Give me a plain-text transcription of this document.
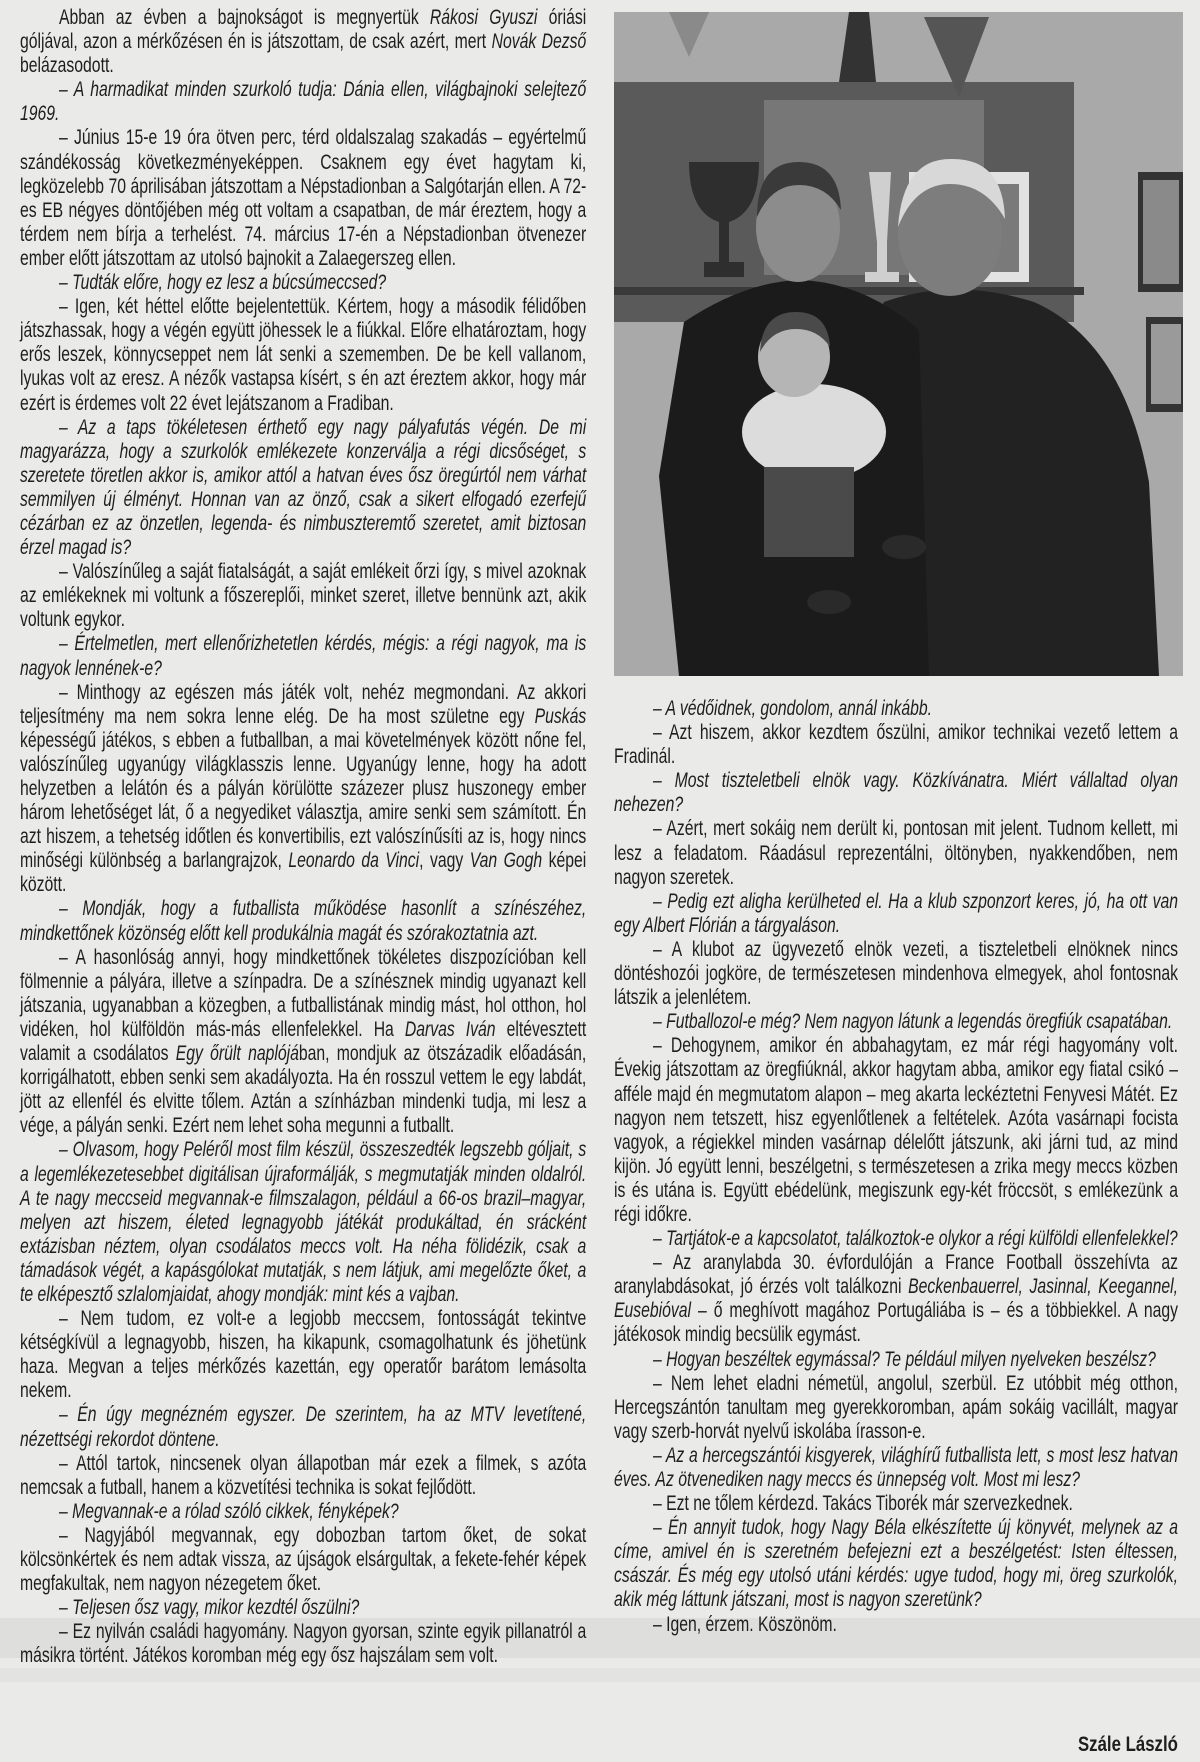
Abban az évben a bajnokságot is megnyertük Rákosi Gyuszi óriási góljával, azon a mérkőzésen én is játszottam, de csak azért, mert Novák Dezső belázasodott.

– A harmadikat minden szurkoló tudja: Dánia ellen, világbajnoki selejtező 1969.

– Június 15-e 19 óra ötven perc, térd oldalszalag szakadás – egyértelmű szándékosság következményeképpen. Csaknem egy évet hagytam ki, legközelebb 70 áprilisában játszottam a Népstadionban a Salgótarján ellen. A 72-es EB négyes döntőjében még ott voltam a csapatban, de már éreztem, hogy a térdem nem bírja a terhelést. 74. március 17-én a Népstadionban ötvenezer ember előtt játszottam az utolsó bajnokit a Zalaegerszeg ellen.

– Tudták előre, hogy ez lesz a búcsúmeccsed?

– Igen, két héttel előtte bejelentettük. Kértem, hogy a második félidőben játszhassak, hogy a végén együtt jöhessek le a fiúkkal. Előre elhatároztam, hogy erős leszek, könnycseppet nem lát senki a szememben. De be kell vallanom, lyukas volt az eresz. A nézők vastapsa kísért, s én azt éreztem akkor, hogy már ezért is érdemes volt 22 évet lejátszanom a Fradiban.

– Az a taps tökéletesen érthető egy nagy pályafutás végén. De mi magyarázza, hogy a szurkolók emlékezete konzerválja a régi dicsőséget, s szeretete töretlen akkor is, amikor attól a hatvan éves ősz öregúrtól nem várhat semmilyen új élményt. Honnan van az önző, csak a sikert elfogadó ezerfejű cézárban ez az önzetlen, legenda- és nimbuszteremtő szeretet, amit biztosan érzel magad is?

– Valószínűleg a saját fiatalságát, a saját emlékeit őrzi így, s mivel azoknak az emlékeknek mi voltunk a főszereplői, minket szeret, illetve bennünk azt, akik voltunk egykor.

– Értelmetlen, mert ellenőrizhetetlen kérdés, mégis: a régi nagyok, ma is nagyok lennének-e?

– Minthogy az egészen más játék volt, nehéz megmondani. Az akkori teljesítmény ma nem sokra lenne elég. De ha most születne egy Puskás képességű játékos, s ebben a futballban, a mai követelmények között nőne fel, valószínűleg ugyanúgy világklasszis lenne. Ugyanúgy lenne, hogy ha adott helyzetben a lelátón és a pályán körülötte százezer plusz huszonegy ember három lehetőséget lát, ő a negyediket választja, amire senki sem számított. Én azt hiszem, a tehetség időtlen és konvertibilis, ezt valószínűsíti az is, hogy nincs minőségi különbség a barlangrajzok, Leonardo da Vinci, vagy Van Gogh képei között.

– Mondják, hogy a futballista működése hasonlít a színészéhez, mindkettőnek közönség előtt kell produkálnia magát és szórakoztatnia azt.

– A hasonlóság annyi, hogy mindkettőnek tökéletes diszpozícióban kell fölmennie a pályára, illetve a színpadra. De a színésznek mindig ugyanazt kell játszania, ugyanabban a közegben, a futballistának mindig mást, hol otthon, hol vidéken, hol külföldön más-más ellenfelekkel. Ha Darvas Iván eltévesztett valamit a csodálatos Egy őrült naplójában, mondjuk az ötszázadik előadásán, korrigálhatott, ebben senki sem akadályozta. Ha én rosszul vettem le egy labdát, jött az ellenfél és elvitte tőlem. Aztán a színházban mindenki tudja, mi lesz a vége, a pályán senki. Ezért nem lehet soha megunni a futballt.

– Olvasom, hogy Peléről most film készül, összeszedték legszebb góljait, s a legemlékezetesebbet digitálisan újraformálják, s megmutatják minden oldalról. A te nagy meccseid megvannak-e filmszalagon, például a 66-os brazil–magyar, melyen azt hiszem, életed legnagyobb játékát produkáltad, én srácként extázisban néztem, olyan csodálatos meccs volt. Ha néha fölidézik, csak a támadások végét, a kapásgólokat mutatják, s nem látjuk, ami megelőzte őket, a te elképesztő szlalomjaidat, ahogy mondják: mint kés a vajban.

– Nem tudom, ez volt-e a legjobb meccsem, fontosságát tekintve kétségkívül a legnagyobb, hiszen, ha kikapunk, csomagolhatunk és jöhetünk haza. Megvan a teljes mérkőzés kazettán, egy operatőr barátom lemásolta nekem.

– Én úgy megnézném egyszer. De szerintem, ha az MTV levetítené, nézettségi rekordot döntene.

– Attól tartok, nincsenek olyan állapotban már ezek a filmek, s azóta nemcsak a futball, hanem a közvetítési technika is sokat fejlődött.

– Megvannak-e a rólad szóló cikkek, fényképek?

– Nagyjából megvannak, egy dobozban tartom őket, de sokat kölcsönkértek és nem adtak vissza, az újságok elsárgultak, a fekete-fehér képek megfakultak, nem nagyon nézegetem őket.

– Teljesen ősz vagy, mikor kezdtél őszülni?

– Ez nyilván családi hagyomány. Nagyon gyorsan, szinte egyik pillanatról a másikra történt. Játékos koromban még egy ősz hajszálam sem volt.

– A védőidnek, gondolom, annál inkább.

– Azt hiszem, akkor kezdtem őszülni, amikor technikai vezető lettem a Fradinál.

– Most tiszteletbeli elnök vagy. Közkívánatra. Miért vállaltad olyan nehezen?

– Azért, mert sokáig nem derült ki, pontosan mit jelent. Tudnom kellett, mi lesz a feladatom. Ráadásul reprezentálni, öltönyben, nyakkendőben, nem nagyon szeretek.

– Pedig ezt aligha kerülheted el. Ha a klub szponzort keres, jó, ha ott van egy Albert Flórián a tárgyaláson.

– A klubot az ügyvezető elnök vezeti, a tiszteletbeli elnöknek nincs döntéshozói jogköre, de természetesen mindenhova elmegyek, ahol fontosnak látszik a jelenlétem.

– Futballozol-e még? Nem nagyon látunk a legendás öregfiúk csapatában.

– Dehogynem, amikor én abbahagytam, ez már régi hagyomány volt. Évekig játszottam az öregfiúknál, akkor hagytam abba, amikor egy fiatal csikó – afféle majd én megmutatom alapon – meg akarta leckéztetni Fenyvesi Mátét. Ez nagyon nem tetszett, hisz egyenlőtlenek a feltételek. Azóta vasárnapi focista vagyok, a régiekkel minden vasárnap délelőtt játszunk, aki járni tud, az mind kijön. Jó együtt lenni, beszélgetni, s természetesen a zrika megy meccs közben is és utána is. Együtt ebédelünk, megiszunk egy-két fröccsöt, s emlékezünk a régi időkre.

– Tartjátok-e a kapcsolatot, találkoztok-e olykor a régi külföldi ellenfelekkel?

– Az aranylabda 30. évfordulóján a France Football összehívta az aranylabdásokat, jó érzés volt találkozni Beckenbauerrel, Jasinnal, Keegannel, Eusebióval – ő meghívott magához Portugáliába is – és a többiekkel. A nagy játékosok mindig becsülik egymást.

– Hogyan beszéltek egymással? Te például milyen nyelveken beszélsz?

– Nem lehet eladni németül, angolul, szerbül. Ez utóbbit még otthon, Hercegszántón tanultam meg gyerekkoromban, apám sokáig vacillált, magyar vagy szerb-horvát nyelvű iskolába írasson-e.

– Az a hercegszántói kisgyerek, világhírű futballista lett, s most lesz hatvan éves. Az ötvenediken nagy meccs és ünnepség volt. Most mi lesz?

– Ezt ne tőlem kérdezd. Takács Tiborék már szervezkednek.

– Én annyit tudok, hogy Nagy Béla elkészítette új könyvét, melynek az a címe, amivel én is szeretném befejezni ezt a beszélgetést: Isten éltessen, császár. És még egy utolsó utáni kérdés: ugye tudod, hogy mi, öreg szurkolók, akik még láttunk játszani, most is nagyon szeretünk?

– Igen, érzem. Köszönöm.

Szále László
